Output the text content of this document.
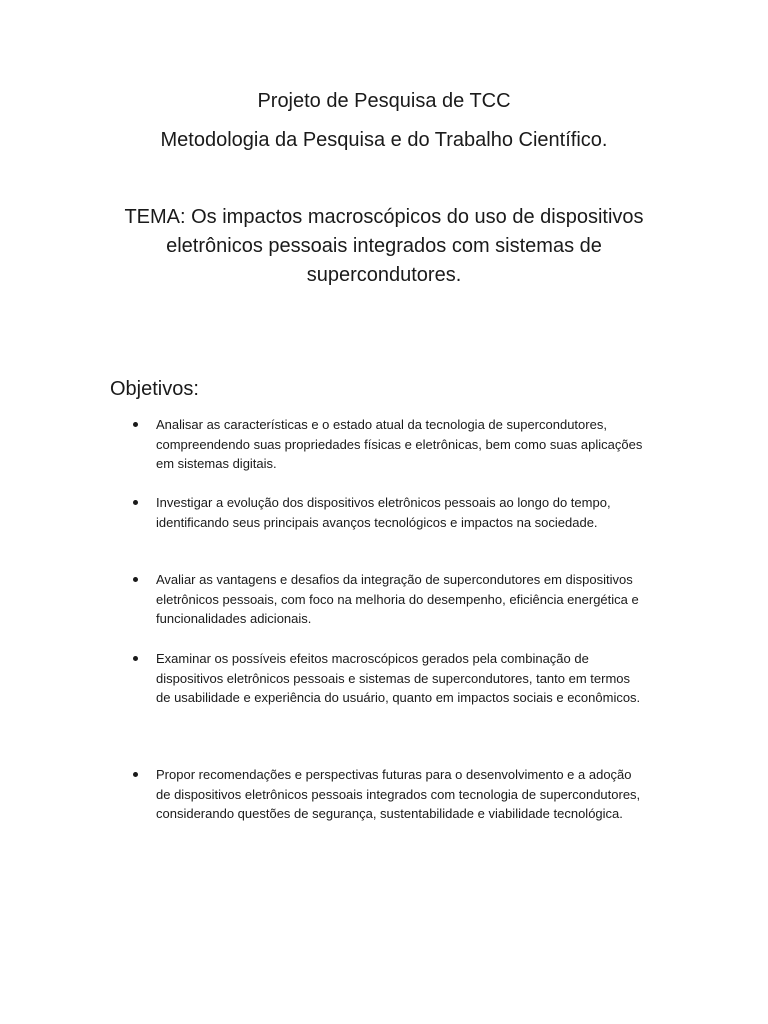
Projeto de Pesquisa de TCC
Metodologia da Pesquisa e do Trabalho Científico.

TEMA: Os impactos macroscópicos do uso de dispositivos eletrônicos pessoais integrados com sistemas de supercondutores.

Objetivos:
Analisar as características e o estado atual da tecnologia de supercondutores, compreendendo suas propriedades físicas e eletrônicas, bem como suas aplicações em sistemas digitais.
Investigar a evolução dos dispositivos eletrônicos pessoais ao longo do tempo, identificando seus principais avanços tecnológicos e impactos na sociedade.
Avaliar as vantagens e desafios da integração de supercondutores em dispositivos eletrônicos pessoais, com foco na melhoria do desempenho, eficiência energética e funcionalidades adicionais.
Examinar os possíveis efeitos macroscópicos gerados pela combinação de dispositivos eletrônicos pessoais e sistemas de supercondutores, tanto em termos de usabilidade e experiência do usuário, quanto em impactos sociais e econômicos.
Propor recomendações e perspectivas futuras para o desenvolvimento e a adoção de dispositivos eletrônicos pessoais integrados com tecnologia de supercondutores, considerando questões de segurança, sustentabilidade e viabilidade tecnológica.
